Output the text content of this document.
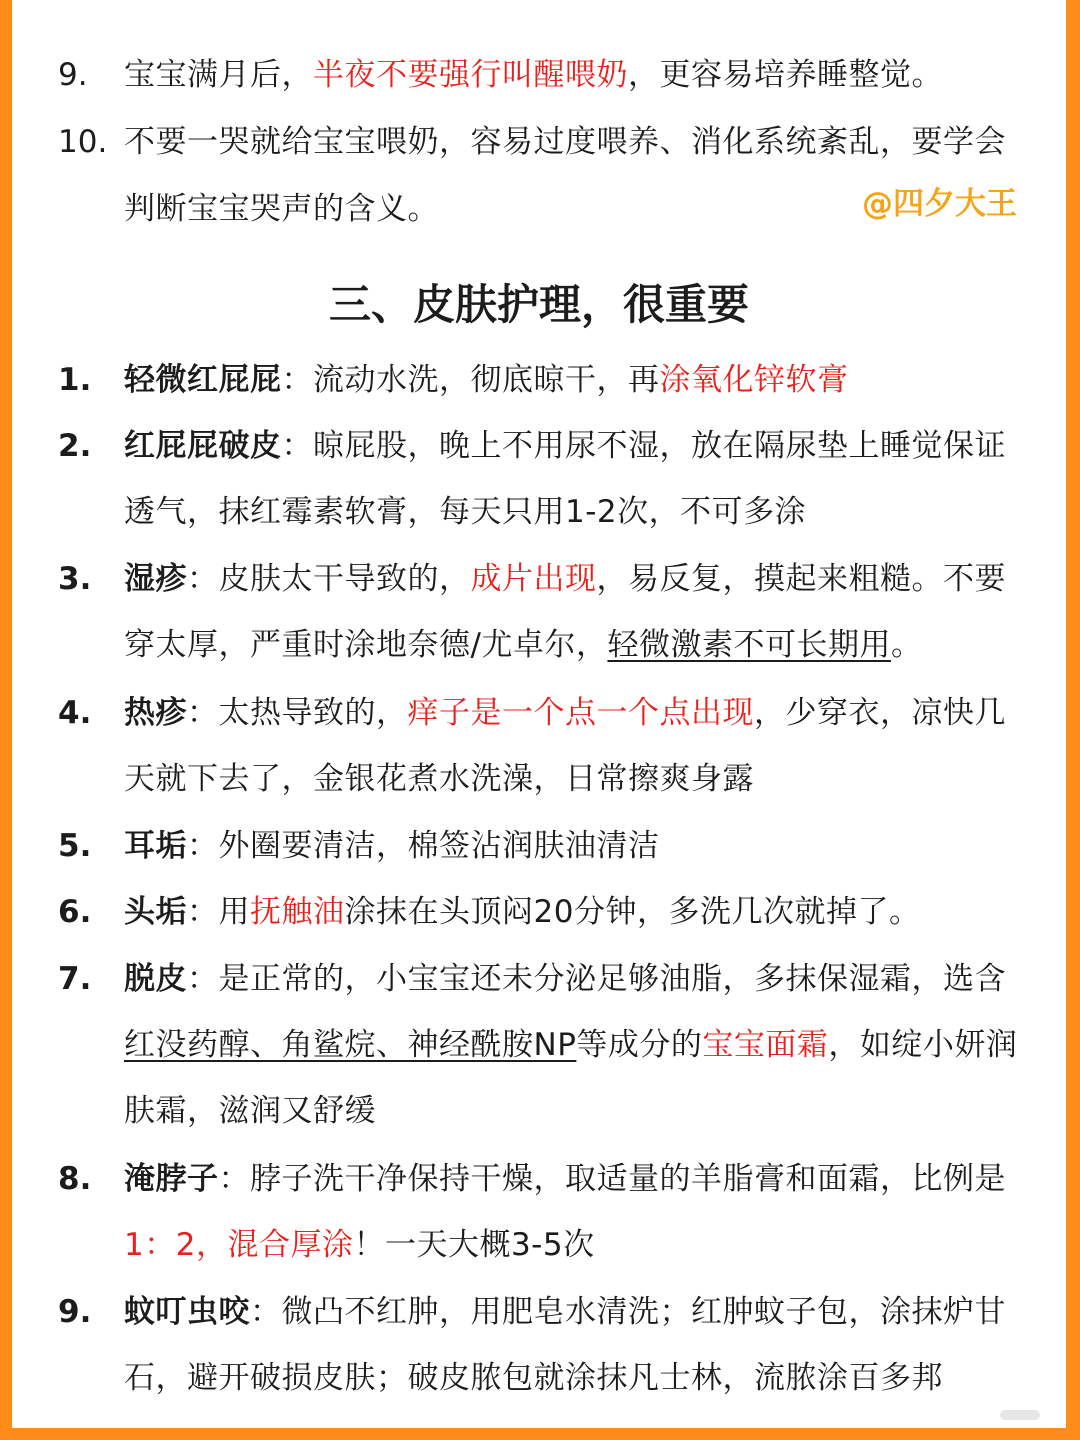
9. 宝宝满月后，半夜不要强行叫醒喂奶，更容易培养睡整觉。
10. 不要一哭就给宝宝喂奶，容易过度喂养、消化系统紊乱，要学会判断宝宝哭声的含义。	@四夕大王
三、皮肤护理，很重要
1. 轻微红屁屁：流动水洗，彻底晾干，再涂氧化锌软膏
2. 红屁屁破皮：晾屁股，晚上不用尿不湿，放在隔尿垫上睡觉保证透气，抹红霉素软膏，每天只用1-2次，不可多涂
3. 湿疹：皮肤太干导致的，成片出现，易反复，摸起来粗糙。不要穿太厚，严重时涂地奈德/尤卓尔，轻微激素不可长期用。
4. 热疹：太热导致的，痒子是一个点一个点出现，少穿衣，凉快几天就下去了，金银花煮水洗澡，日常擦爽身露
5. 耳垢：外圈要清洁，棉签沾润肤油清洁
6. 头垢：用抚触油涂抹在头顶闷20分钟，多洗几次就掉了。
7. 脱皮：是正常的，小宝宝还未分泌足够油脂，多抹保湿霜，选含红没药醇、角鲨烷、神经酰胺NP等成分的宝宝面霜，如绽小妍润肤霜，滋润又舒缓
8. 淹脖子：脖子洗干净保持干燥，取适量的羊脂膏和面霜，比例是1：2，混合厚涂！一天大概3-5次
9. 蚊叮虫咬：微凸不红肿，用肥皂水清洗；红肿蚊子包，涂抹炉甘石，避开破损皮肤；破皮脓包就涂抹凡士林，流脓涂百多邦
